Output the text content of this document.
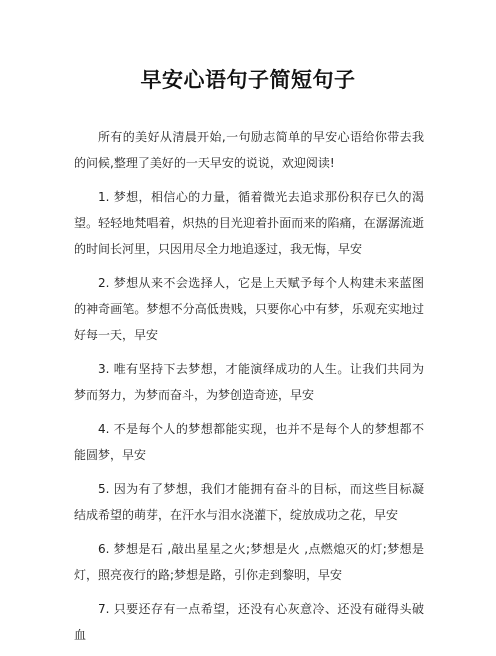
早安心语句子简短句子

所有的美好从清晨开始,一句励志简单的早安心语给你带去我的问候,整理了美好的一天早安的说说，欢迎阅读!

1. 梦想，相信心的力量，循着微光去追求那份积存已久的渴望。轻轻地梵唱着，炽热的目光迎着扑面而来的陷痛，在潺潺流逝的时间长河里，只因用尽全力地追逐过，我无悔，早安

2. 梦想从来不会选择人，它是上天赋予每个人构建未来蓝图的神奇画笔。梦想不分高低贵贱，只要你心中有梦，乐观充实地过好每一天，早安

3. 唯有坚持下去梦想，才能演绎成功的人生。让我们共同为梦而努力，为梦而奋斗，为梦创造奇迹，早安

4. 不是每个人的梦想都能实现，也并不是每个人的梦想都不能圆梦，早安

5. 因为有了梦想，我们才能拥有奋斗的目标，而这些目标凝结成希望的萌芽，在汗水与泪水浇灌下，绽放成功之花，早安

6. 梦想是石 ,敲出星星之火;梦想是火 ,点燃熄灭的灯;梦想是灯，照亮夜行的路;梦想是路，引你走到黎明，早安

7. 只要还存有一点希望，还没有心灰意冷、还没有碰得头破血
